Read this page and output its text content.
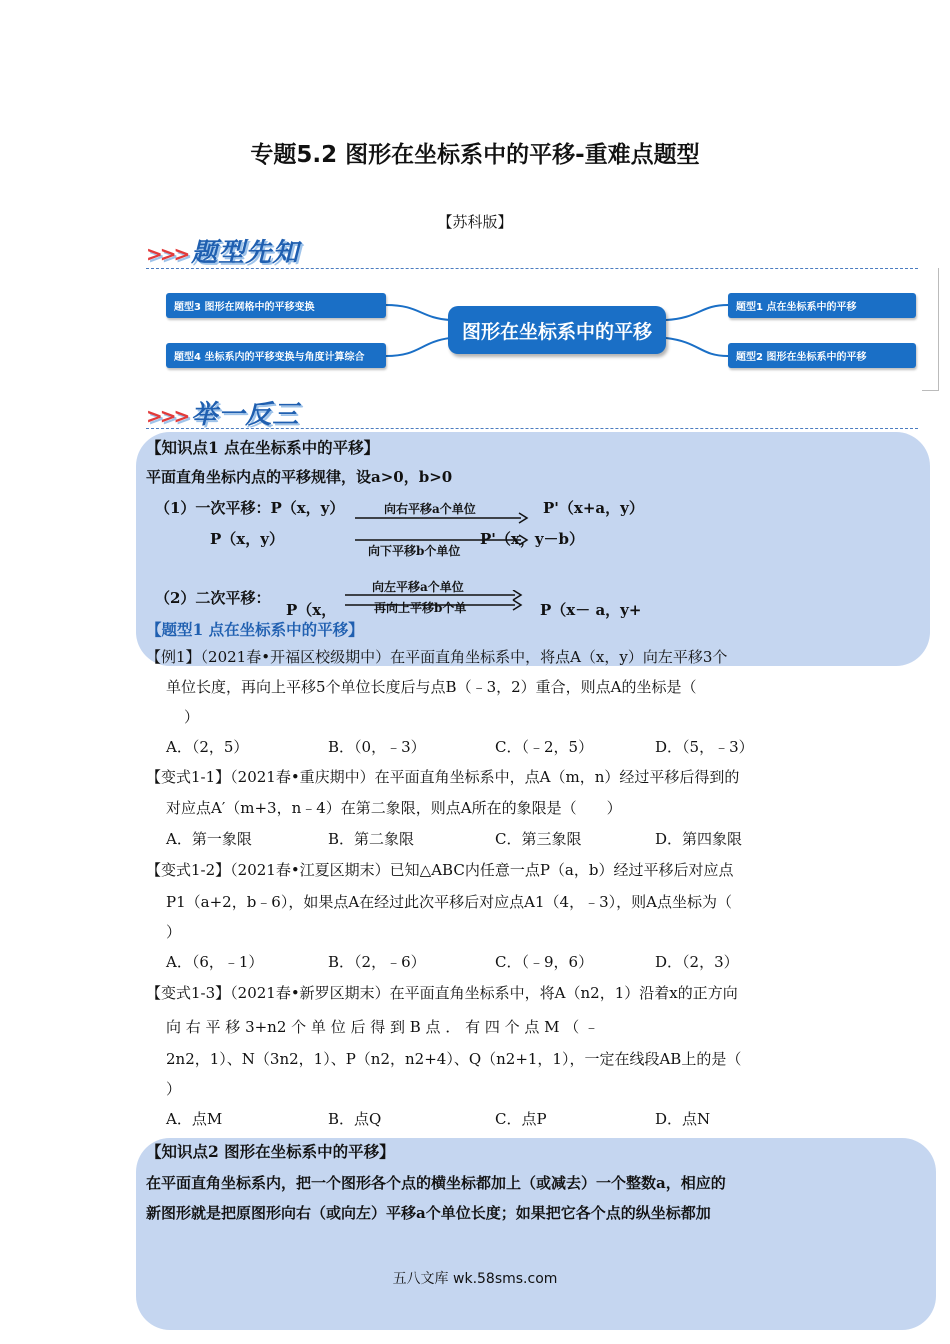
专题5.2 图形在坐标系中的平移-重难点题型
【苏科版】
>>> 题型先知
题型3 图形在网格中的平移变换
题型4 坐标系内的平移变换与角度计算综合
图形在坐标系中的平移
题型1 点在坐标系中的平移
题型2 图形在坐标系中的平移
>>> 举一反三
【知识点1 点在坐标系中的平移】
平面直角坐标内点的平移规律，设a>0，b>0
（1）一次平移：P（x，y）	向右平移a个单位	P'（x+a，y）
P（x，y）	P'（x，y－b）
向下平移b个单位
（2）二次平移：
向左平移a个单位
再向上平移b个单
P（x，	P（x－ a，y+
【题型1 点在坐标系中的平移】
【例1】（2021春•开福区校级期中）在平面直角坐标系中，将点A（x，y）向左平移3个
单位长度，再向上平移5个单位长度后与点B（﹣3，2）重合，则点A的坐标是（
）
A．（2，5）	B．（0，﹣3）	C．（﹣2，5）	D．（5，﹣3）
【变式1-1】（2021春•重庆期中）在平面直角坐标系中，点A（m，n）经过平移后得到的
对应点A′（m+3，n﹣4）在第二象限，则点A所在的象限是（　　）
A．第一象限	B．第二象限	C．第三象限	D．第四象限
【变式1-2】（2021春•江夏区期末）已知△ABC内任意一点P（a，b）经过平移后对应点
P1（a+2，b﹣6），如果点A在经过此次平移后对应点A1（4，﹣3），则A点坐标为（
）
A．（6，﹣1）	B．（2，﹣6）	C．（﹣9，6）	D．（2，3）
【变式1-3】（2021春•新罗区期末）在平面直角坐标系中，将A（n2，1）沿着x的正方向
向 右 平 移 3+n2 个 单 位 后 得 到 B 点 ． 有 四 个 点 M （ ﹣
2n2，1）、N（3n2，1）、P（n2，n2+4）、Q（n2+1，1），一定在线段AB上的是（
）
A．点M	B．点Q	C．点P	D．点N
【知识点2 图形在坐标系中的平移】
在平面直角坐标系内，把一个图形各个点的横坐标都加上（或减去）一个整数a，相应的
新图形就是把原图形向右（或向左）平移a个单位长度；如果把它各个点的纵坐标都加
五八文库 wk.58sms.com
